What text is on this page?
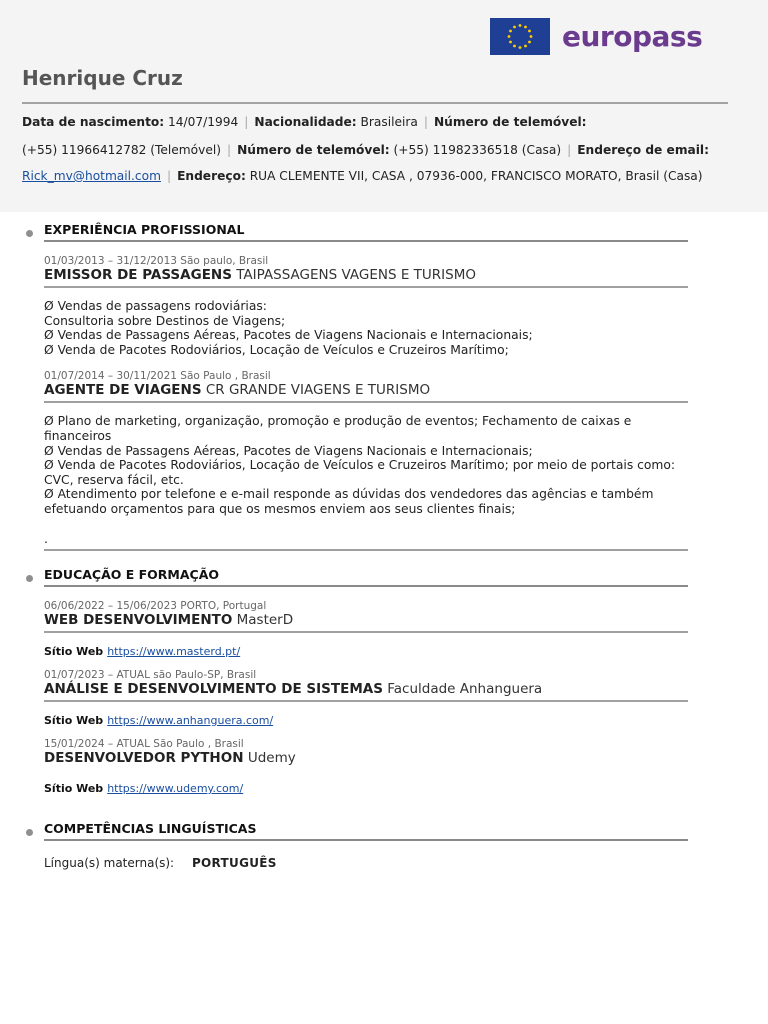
europass
Henrique Cruz
Data de nascimento: 14/07/1994 | Nacionalidade: Brasileira | Número de telemóvel:
(+55) 11966412782 (Telemóvel) | Número de telemóvel: (+55) 11982336518 (Casa) | Endereço de email:
Rick_mv@hotmail.com | Endereço: RUA CLEMENTE VII, CASA , 07936-000, FRANCISCO MORATO, Brasil (Casa)
EXPERIÊNCIA PROFISSIONAL
01/03/2013 – 31/12/2013 São paulo, Brasil
EMISSOR DE PASSAGENS TAIPASSAGENS VAGENS E TURISMO
Ø Vendas de passagens rodoviárias:
Consultoria sobre Destinos de Viagens;
Ø Vendas de Passagens Aéreas, Pacotes de Viagens Nacionais e Internacionais;
Ø Venda de Pacotes Rodoviários, Locação de Veículos e Cruzeiros Marítimo;
01/07/2014 – 30/11/2021 São Paulo , Brasil
AGENTE DE VIAGENS CR GRANDE VIAGENS E TURISMO
Ø Plano de marketing, organização, promoção e produção de eventos; Fechamento de caixas e financeiros
Ø Vendas de Passagens Aéreas, Pacotes de Viagens Nacionais e Internacionais;
Ø Venda de Pacotes Rodoviários, Locação de Veículos e Cruzeiros Marítimo; por meio de portais como:
CVC, reserva fácil, etc.
Ø Atendimento por telefone e e-mail responde as dúvidas dos vendedores das agências e também
efetuando orçamentos para que os mesmos enviem aos seus clientes finais;
.
EDUCAÇÃO E FORMAÇÃO
06/06/2022 – 15/06/2023 PORTO, Portugal
WEB DESENVOLVIMENTO MasterD
Sítio Web https://www.masterd.pt/
01/07/2023 – ATUAL são Paulo-SP, Brasil
ANÁLISE E DESENVOLVIMENTO DE SISTEMAS Faculdade Anhanguera
Sítio Web https://www.anhanguera.com/
15/01/2024 – ATUAL São Paulo , Brasil
DESENVOLVEDOR PYTHON Udemy
Sítio Web https://www.udemy.com/
COMPETÊNCIAS LINGUÍSTICAS
Língua(s) materna(s): PORTUGUÊS
